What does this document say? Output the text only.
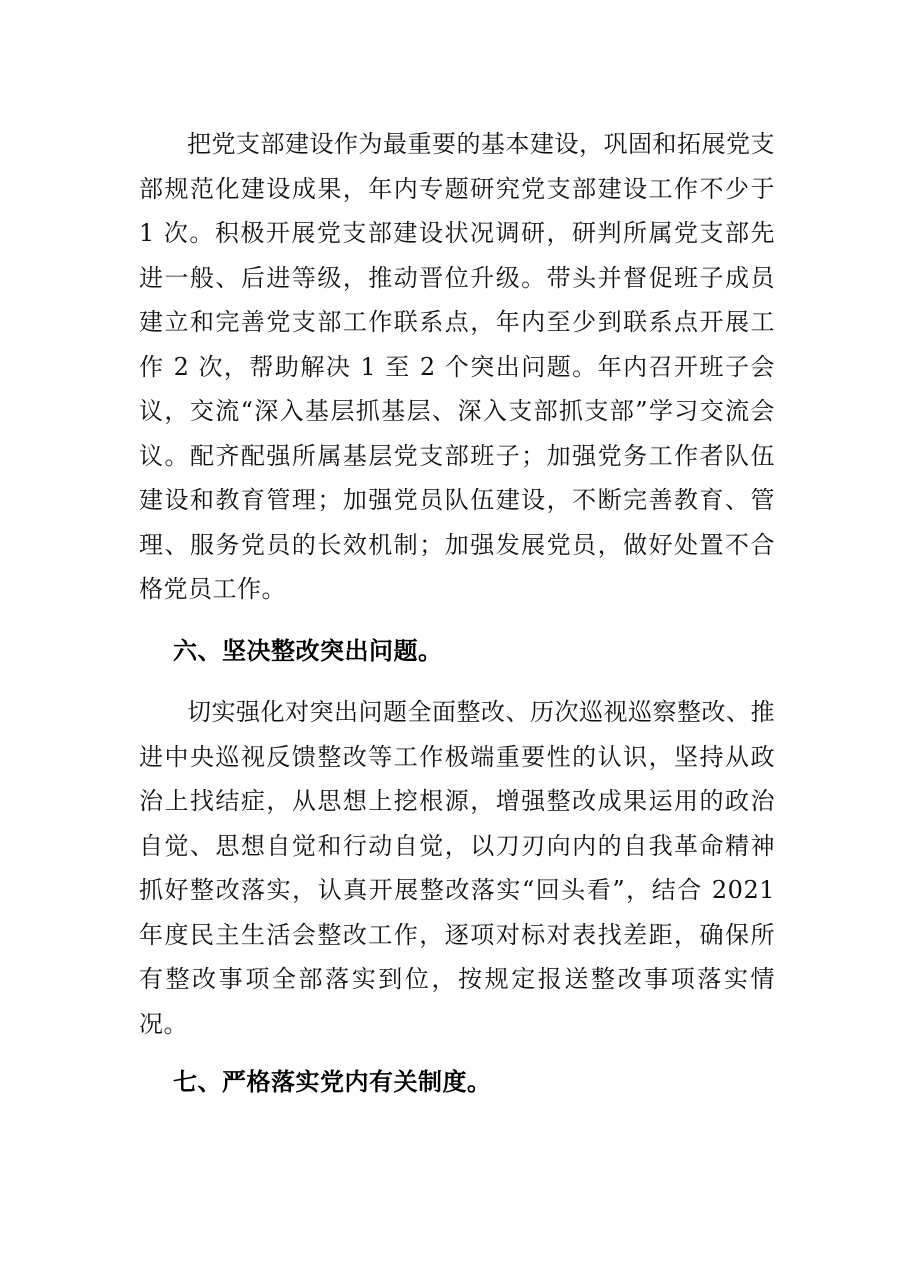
把党支部建设作为最重要的基本建设，巩固和拓展党支部规范化建设成果，年内专题研究党支部建设工作不少于 1 次。积极开展党支部建设状况调研，研判所属党支部先进一般、后进等级，推动晋位升级。带头并督促班子成员建立和完善党支部工作联系点，年内至少到联系点开展工作 2 次，帮助解决 1 至 2 个突出问题。年内召开班子会议，交流“深入基层抓基层、深入支部抓支部”学习交流会议。配齐配强所属基层党支部班子；加强党务工作者队伍建设和教育管理；加强党员队伍建设，不断完善教育、管理、服务党员的长效机制；加强发展党员，做好处置不合格党员工作。

六、坚决整改突出问题。

切实强化对突出问题全面整改、历次巡视巡察整改、推进中央巡视反馈整改等工作极端重要性的认识，坚持从政治上找结症，从思想上挖根源，增强整改成果运用的政治自觉、思想自觉和行动自觉，以刀刃向内的自我革命精神抓好整改落实，认真开展整改落实“回头看”，结合 2021 年度民主生活会整改工作，逐项对标对表找差距，确保所有整改事项全部落实到位，按规定报送整改事项落实情况。

七、严格落实党内有关制度。
